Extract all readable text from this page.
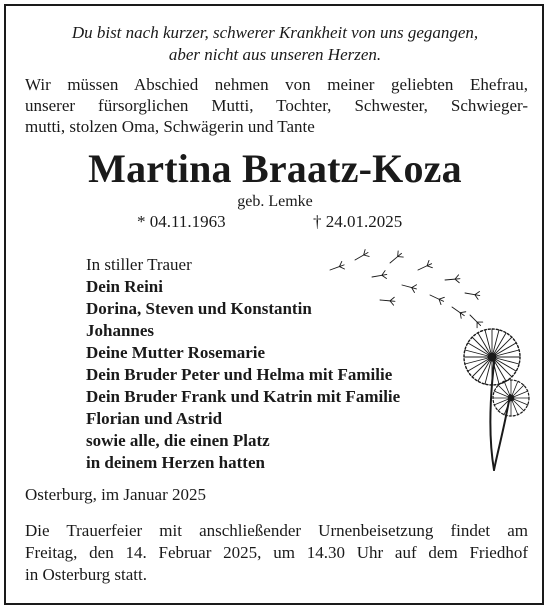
Du bist nach kurzer, schwerer Krankheit von uns gegangen,
aber nicht aus unseren Herzen.
Wir müssen Abschied nehmen von meiner geliebten Ehefrau,
unserer fürsorglichen Mutti, Tochter, Schwester, Schwieger-
mutti, stolzen Oma, Schwägerin und Tante
Martina Braatz-Koza
geb. Lemke
* 04.11.1963	† 24.01.2025
In stiller Trauer
Dein Reini
Dorina, Steven und Konstantin
Johannes
Deine Mutter Rosemarie
Dein Bruder Peter und Helma mit Familie
Dein Bruder Frank und Katrin mit Familie
Florian und Astrid
sowie alle, die einen Platz
in deinem Herzen hatten
Osterburg, im Januar 2025
Die Trauerfeier mit anschließender Urnenbeisetzung findet am
Freitag, den 14. Februar 2025, um 14.30 Uhr auf dem Friedhof
in Osterburg statt.
